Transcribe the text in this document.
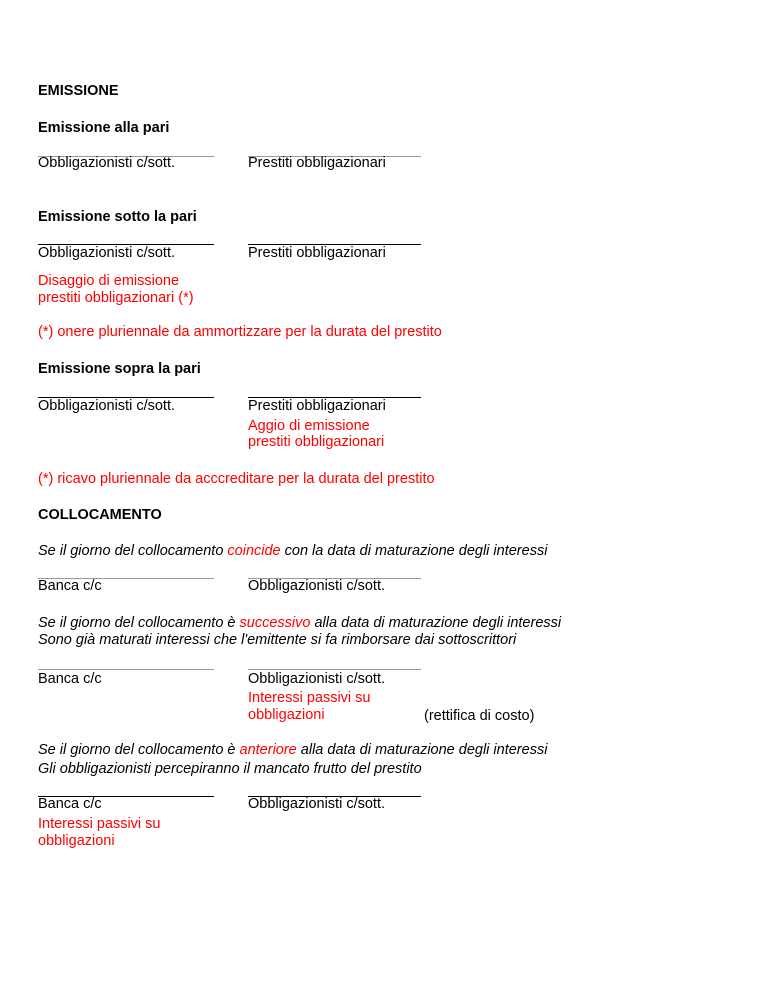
EMISSIONE
Emissione alla pari
Obbligazionisti c/sott.	Prestiti obbligazionari
Emissione sotto la pari
Obbligazionisti c/sott.	Prestiti obbligazionari
Disaggio di emissione
prestiti obbligazionari (*)
(*) onere pluriennale da ammortizzare per la durata del prestito
Emissione sopra la pari
Obbligazionisti c/sott.	Prestiti obbligazionari
Aggio di emissione
prestiti obbligazionari
(*) ricavo pluriennale da acccreditare per la durata del prestito
COLLOCAMENTO
Se il giorno del collocamento coincide con la data di maturazione degli interessi
Banca c/c	Obbligazionisti c/sott.
Se il giorno del collocamento è successivo alla data di maturazione degli interessi
Sono già maturati interessi che l'emittente si fa rimborsare dai sottoscrittori
Banca c/c	Obbligazionisti c/sott.
Interessi passivi su
obbligazioni	(rettifica di costo)
Se il giorno del collocamento è anteriore alla data di maturazione degli interessi
Gli obbligazionisti percepiranno il mancato frutto del prestito
Banca c/c	Obbligazionisti c/sott.
Interessi passivi su
obbligazioni
